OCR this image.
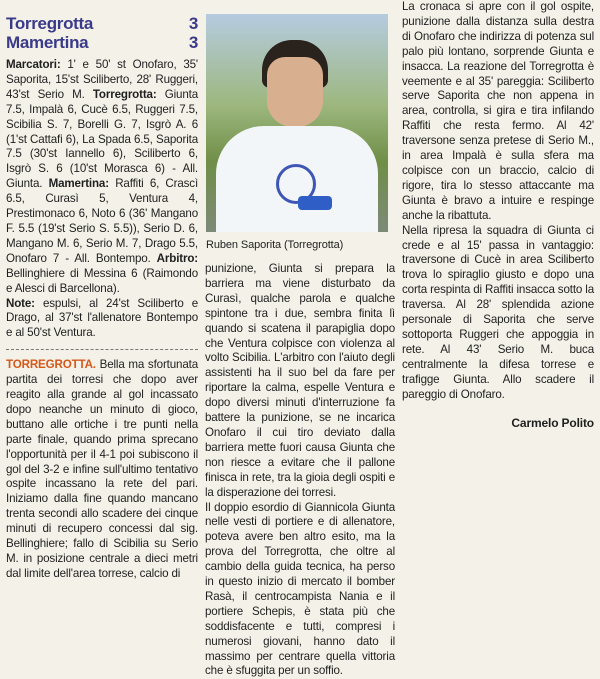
Torregrotta	3
Mamertina	3

Marcatori: 1' e 50' st Onofaro, 35' Saporita, 15'st Sciliberto, 28' Ruggeri, 43'st Serio M. Torregrotta: Giunta 7.5, Impalà 6, Cucè 6.5, Ruggeri 7.5, Scibilia S. 7, Borelli G. 7, Isgrò A. 6 (1'st Cattafi 6), La Spada 6.5, Saporita 7.5 (30'st Iannello 6), Sciliberto 6, Isgrò S. 6 (10'st Morasca 6) - All. Giunta. Mamertina: Raffiti 6, Crascì 6.5, Curasì 5, Ventura 4, Prestimonaco 6, Noto 6 (36' Mangano F. 5.5 (19'st Serio S. 5.5)), Serio D. 6, Mangano M. 6, Serio M. 7, Drago 5.5, Onofaro 7 - All. Bontempo. Arbitro: Bellinghiere di Messina 6 (Raimondo e Alesci di Barcellona).

Note: espulsi, al 24'st Sciliberto e Drago, al 37'st l'allenatore Bontempo e al 50'st Ventura.

TORREGROTTA. Bella ma sfortunata partita dei torresi che dopo aver reagito alla grande al gol incassato dopo neanche un minuto di gioco, buttano alle ortiche i tre punti nella parte finale, quando prima sprecano l'opportunità per il 4-1 poi subiscono il gol del 3-2 e infine sull'ultimo tentativo ospite incassano la rete del pari. Iniziamo dalla fine quando mancano trenta secondi allo scadere dei cinque minuti di recupero concessi dal sig. Bellinghiere; fallo di Scibilia su Serio M. in posizione centrale a dieci metri dal limite dell'area torrese, calcio di

Ruben Saporita (Torregrotta)

punizione, Giunta si prepara la barriera ma viene disturbato da Curasì, qualche parola e qualche spintone tra i due, sembra finita lì quando si scatena il parapiglia dopo che Ventura colpisce con violenza al volto Scibilia. L'arbitro con l'aiuto degli assistenti ha il suo bel da fare per riportare la calma, espelle Ventura e dopo diversi minuti d'interruzione fa battere la punizione, se ne incarica Onofaro il cui tiro deviato dalla barriera mette fuori causa Giunta che non riesce a evitare che il pallone finisca in rete, tra la gioia degli ospiti e la disperazione dei torresi.

Il doppio esordio di Giannicola Giunta nelle vesti di portiere e di allenatore, poteva avere ben altro esito, ma la prova del Torregrotta, che oltre al cambio della guida tecnica, ha perso in questo inizio di mercato il bomber Rasà, il centrocampista Nania e il portiere Schepis, è stata più che soddisfacente e tutti, compresi i numerosi giovani, hanno dato il massimo per centrare quella vittoria che è sfuggita per un soffio.

La cronaca si apre con il gol ospite, punizione dalla distanza sulla destra di Onofaro che indirizza di potenza sul palo più lontano, sorprende Giunta e insacca. La reazione del Torregrotta è veemente e al 35' pareggia: Sciliberto serve Saporita che non appena in area, controlla, si gira e tira infilando Raffiti che resta fermo. Al 42' traversone senza pretese di Serio M., in area Impalà è sulla sfera ma colpisce con un braccio, calcio di rigore, tira lo stesso attaccante ma Giunta è bravo a intuire e respinge anche la ribattuta.

Nella ripresa la squadra di Giunta ci crede e al 15' passa in vantaggio: traversone di Cucè in area Sciliberto trova lo spiraglio giusto e dopo una corta respinta di Raffiti insacca sotto la traversa. Al 28' splendida azione personale di Saporita che serve sottoporta Ruggeri che appoggia in rete. Al 43' Serio M. buca centralmente la difesa torrese e trafigge Giunta. Allo scadere il pareggio di Onofaro.

Carmelo Polito
